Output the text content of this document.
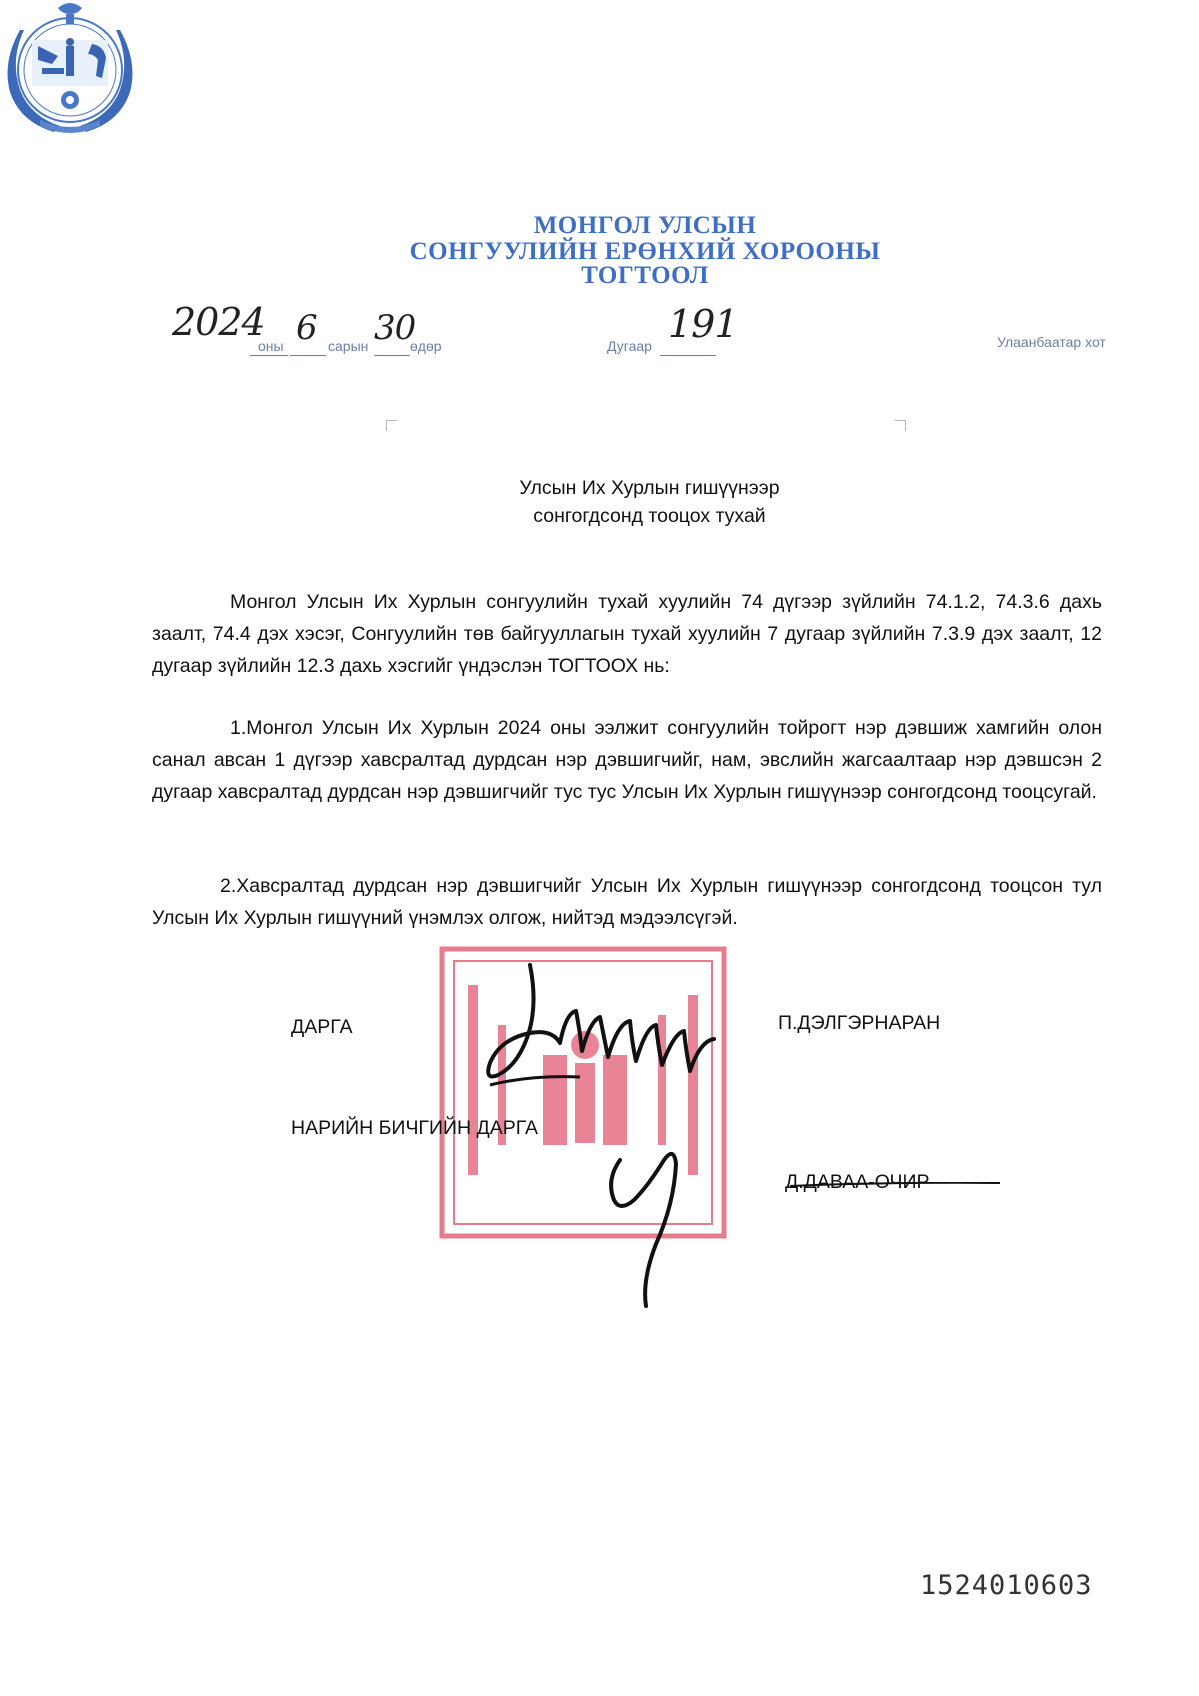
МОНГОЛ УЛСЫН
СОНГУУЛИЙН ЕРӨНХИЙ ХОРООНЫ
ТОГТООЛ
2024
оны 6 сарын 30
өдөр	Дугаар 191	Улаанбаатар хот
Улсын Их Хурлын гишүүнээр
сонгогдсонд тооцох тухай
Монгол Улсын Их Хурлын сонгуулийн тухай хуулийн 74 дүгээр зүйлийн 74.1.2, 74.3.6 дахь заалт, 74.4 дэх хэсэг, Сонгуулийн төв байгууллагын тухай хуулийн 7 дугаар зүйлийн 7.3.9 дэх заалт, 12 дугаар зүйлийн 12.3 дахь хэсгийг үндэслэн ТОГТООХ нь:
1.Монгол Улсын Их Хурлын 2024 оны ээлжит сонгуулийн тойрогт нэр дэвшиж хамгийн олон санал авсан 1 дүгээр хавсралтад дурдсан нэр дэвшигчийг, нам, эвслийн жагсаалтаар нэр дэвшсэн 2 дугаар хавсралтад дурдсан нэр дэвшигчийг тус тус Улсын Их Хурлын гишүүнээр сонгогдсонд тооцсугай.
2.Хавсралтад дурдсан нэр дэвшигчийг Улсын Их Хурлын гишүүнээр сонгогдсонд тооцсон тул Улсын Их Хурлын гишүүний үнэмлэх олгож, нийтэд мэдээлсүгэй.
ДАРГА	П.ДЭЛГЭРНАРАН
НАРИЙН БИЧГИЙН ДАРГА
Д.ДАВАА-ОЧИР
1524010603
